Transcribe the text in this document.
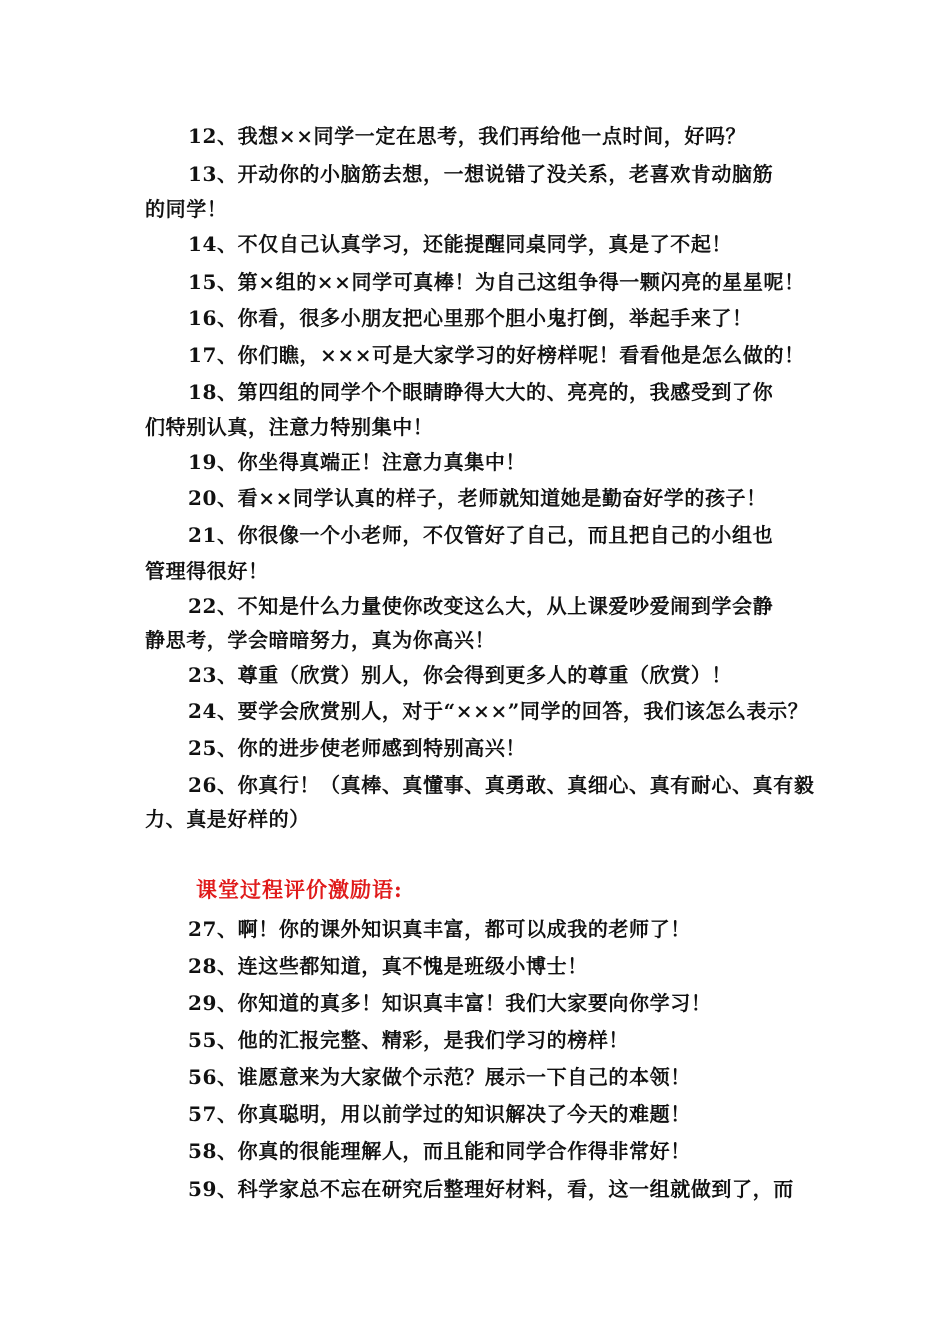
12、我想××同学一定在思考，我们再给他一点时间，好吗？
13、开动你的小脑筋去想，一想说错了没关系，老喜欢肯动脑筋
的同学！
14、不仅自己认真学习，还能提醒同桌同学，真是了不起！
15、第×组的××同学可真棒！为自己这组争得一颗闪亮的星星呢！
16、你看，很多小朋友把心里那个胆小鬼打倒，举起手来了！
17、你们瞧，×××可是大家学习的好榜样呢！看看他是怎么做的！
18、第四组的同学个个眼睛睁得大大的、亮亮的，我感受到了你
们特别认真，注意力特别集中！
19、你坐得真端正！注意力真集中！
20、看××同学认真的样子，老师就知道她是勤奋好学的孩子！
21、你很像一个小老师，不仅管好了自己，而且把自己的小组也
管理得很好！
22、不知是什么力量使你改变这么大，从上课爱吵爱闹到学会静
静思考，学会暗暗努力，真为你高兴！
23、尊重（欣赏）别人，你会得到更多人的尊重（欣赏）！
24、要学会欣赏别人，对于“×××”同学的回答，我们该怎么表示？
25、你的进步使老师感到特别高兴！
26、你真行！（真棒、真懂事、真勇敢、真细心、真有耐心、真有毅
力、真是好样的）
课堂过程评价激励语:
27、啊！你的课外知识真丰富，都可以成我的老师了！
28、连这些都知道，真不愧是班级小博士！
29、你知道的真多！知识真丰富！我们大家要向你学习！
55、他的汇报完整、精彩，是我们学习的榜样！
56、谁愿意来为大家做个示范？展示一下自己的本领！
57、你真聪明，用以前学过的知识解决了今天的难题！
58、你真的很能理解人，而且能和同学合作得非常好！
59、科学家总不忘在研究后整理好材料，看，这一组就做到了，而
